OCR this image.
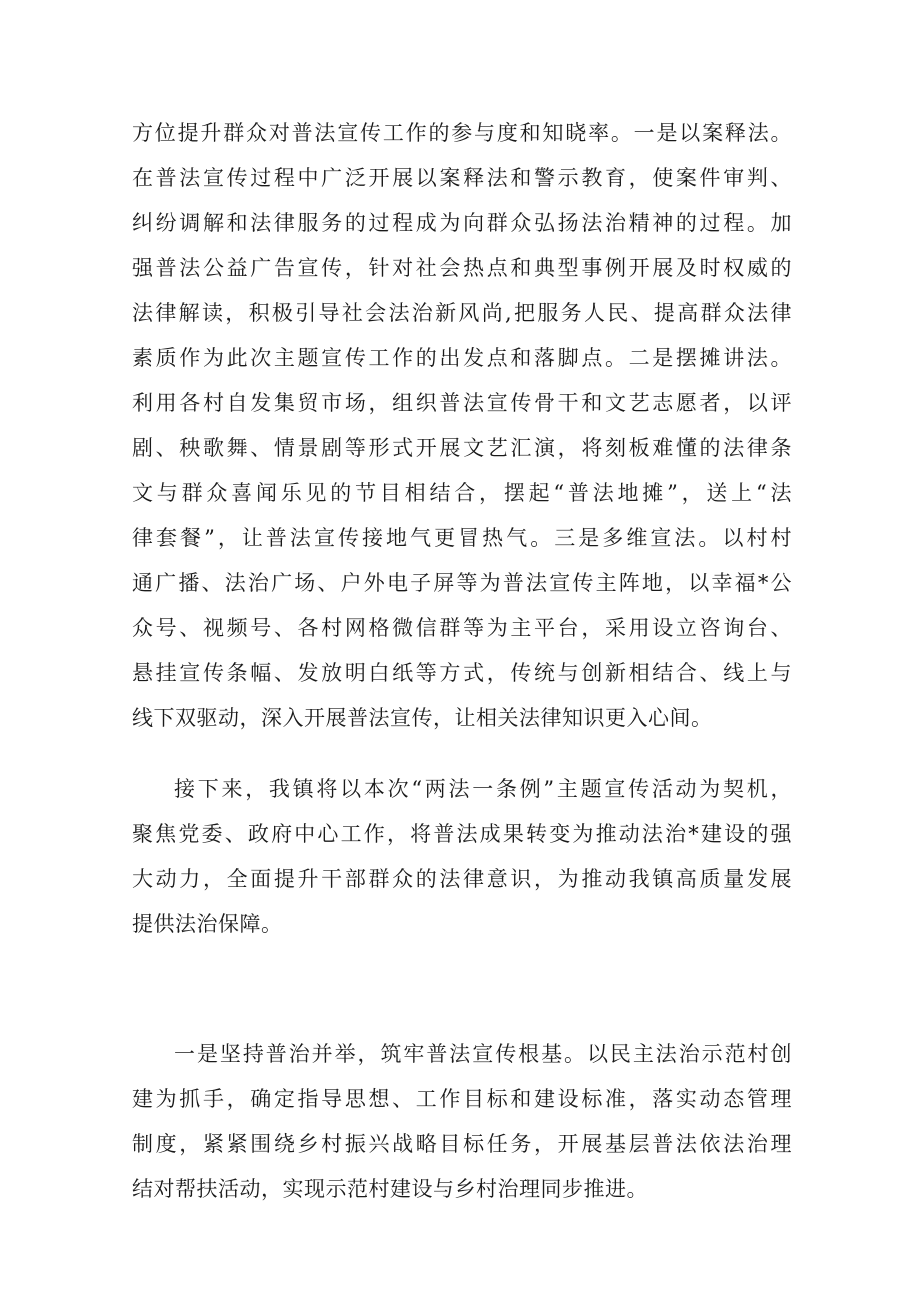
方位提升群众对普法宣传工作的参与度和知晓率。一是以案释法。
在普法宣传过程中广泛开展以案释法和警示教育，使案件审判、
纠纷调解和法律服务的过程成为向群众弘扬法治精神的过程。加
强普法公益广告宣传，针对社会热点和典型事例开展及时权威的
法律解读，积极引导社会法治新风尚,把服务人民、提高群众法律
素质作为此次主题宣传工作的出发点和落脚点。二是摆摊讲法。
利用各村自发集贸市场，组织普法宣传骨干和文艺志愿者，以评
剧、秧歌舞、情景剧等形式开展文艺汇演，将刻板难懂的法律条
文与群众喜闻乐见的节目相结合，摆起“普法地摊”，送上“法
律套餐”，让普法宣传接地气更冒热气。三是多维宣法。以村村
通广播、法治广场、户外电子屏等为普法宣传主阵地，以幸福*公
众号、视频号、各村网格微信群等为主平台，采用设立咨询台、
悬挂宣传条幅、发放明白纸等方式，传统与创新相结合、线上与
线下双驱动，深入开展普法宣传，让相关法律知识更入心间。
接下来，我镇将以本次“两法一条例”主题宣传活动为契机，
聚焦党委、政府中心工作，将普法成果转变为推动法治*建设的强
大动力，全面提升干部群众的法律意识，为推动我镇高质量发展
提供法治保障。
一是坚持普治并举，筑牢普法宣传根基。以民主法治示范村创
建为抓手，确定指导思想、工作目标和建设标准，落实动态管理
制度，紧紧围绕乡村振兴战略目标任务，开展基层普法依法治理
结对帮扶活动，实现示范村建设与乡村治理同步推进。
